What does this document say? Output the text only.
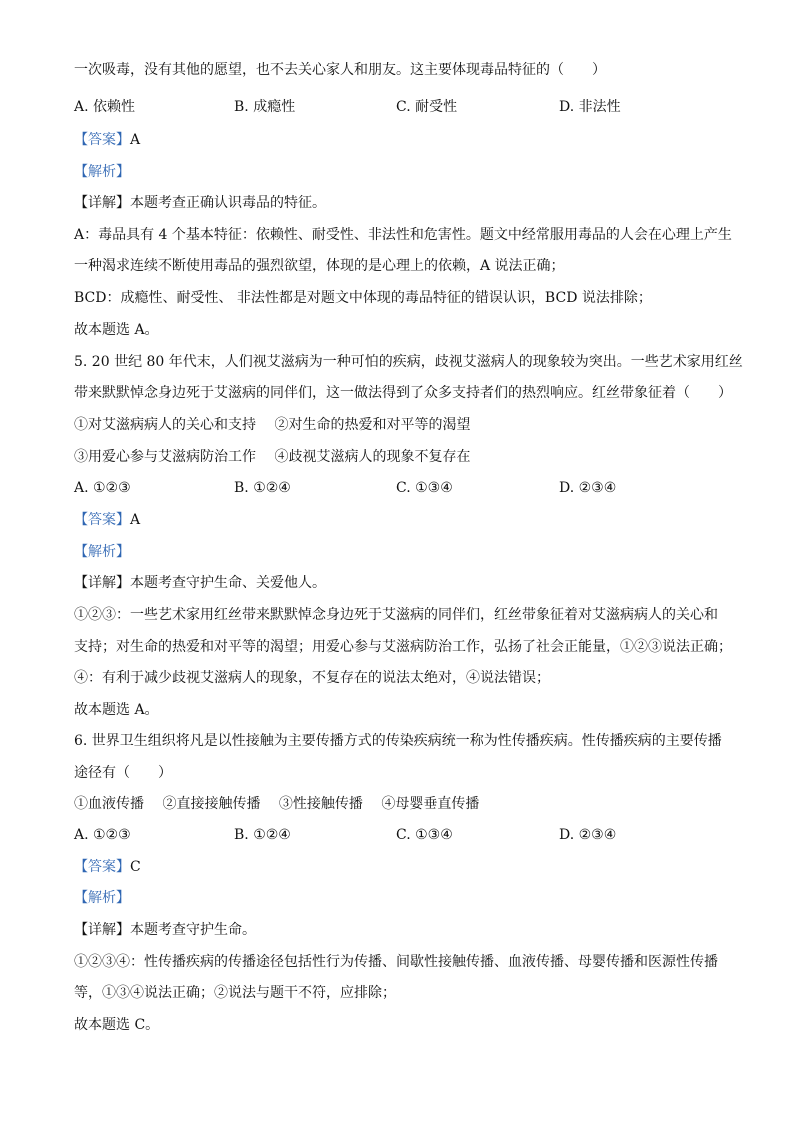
一次吸毒，没有其他的愿望，也不去关心家人和朋友。这主要体现毒品特征的（　　）
A. 依赖性	B. 成瘾性	C. 耐受性	D. 非法性
【答案】A
【解析】
【详解】本题考查正确认识毒品的特征。
A：毒品具有 4 个基本特征：依赖性、耐受性、非法性和危害性。题文中经常服用毒品的人会在心理上产生
一种渴求连续不断使用毒品的强烈欲望，体现的是心理上的依赖，A 说法正确；
BCD：成瘾性、耐受性、 非法性都是对题文中体现的毒品特征的错误认识，BCD 说法排除；
故本题选 A。
5. 20 世纪 80 年代末，人们视艾滋病为一种可怕的疾病，歧视艾滋病人的现象较为突出。一些艺术家用红丝
带来默默悼念身边死于艾滋病的同伴们，这一做法得到了众多支持者们的热烈响应。红丝带象征着（　　）
①对艾滋病病人的关心和支持　 ②对生命的热爱和对平等的渴望
③用爱心参与艾滋病防治工作　 ④歧视艾滋病人的现象不复存在
A. ①②③	B. ①②④	C. ①③④	D. ②③④
【答案】A
【解析】
【详解】本题考查守护生命、关爱他人。
①②③：一些艺术家用红丝带来默默悼念身边死于艾滋病的同伴们，红丝带象征着对艾滋病病人的关心和
支持；对生命的热爱和对平等的渴望；用爱心参与艾滋病防治工作，弘扬了社会正能量，①②③说法正确；
④：有利于减少歧视艾滋病人的现象，不复存在的说法太绝对，④说法错误；
故本题选 A。
6. 世界卫生组织将凡是以性接触为主要传播方式的传染疾病统一称为性传播疾病。性传播疾病的主要传播
途径有（　　）
①血液传播　 ②直接接触传播　 ③性接触传播　 ④母婴垂直传播
A. ①②③	B. ①②④	C. ①③④	D. ②③④
【答案】C
【解析】
【详解】本题考查守护生命。
①②③④：性传播疾病的传播途径包括性行为传播、间歇性接触传播、血液传播、母婴传播和医源性传播
等，①③④说法正确；②说法与题干不符，应排除；
故本题选 C。
